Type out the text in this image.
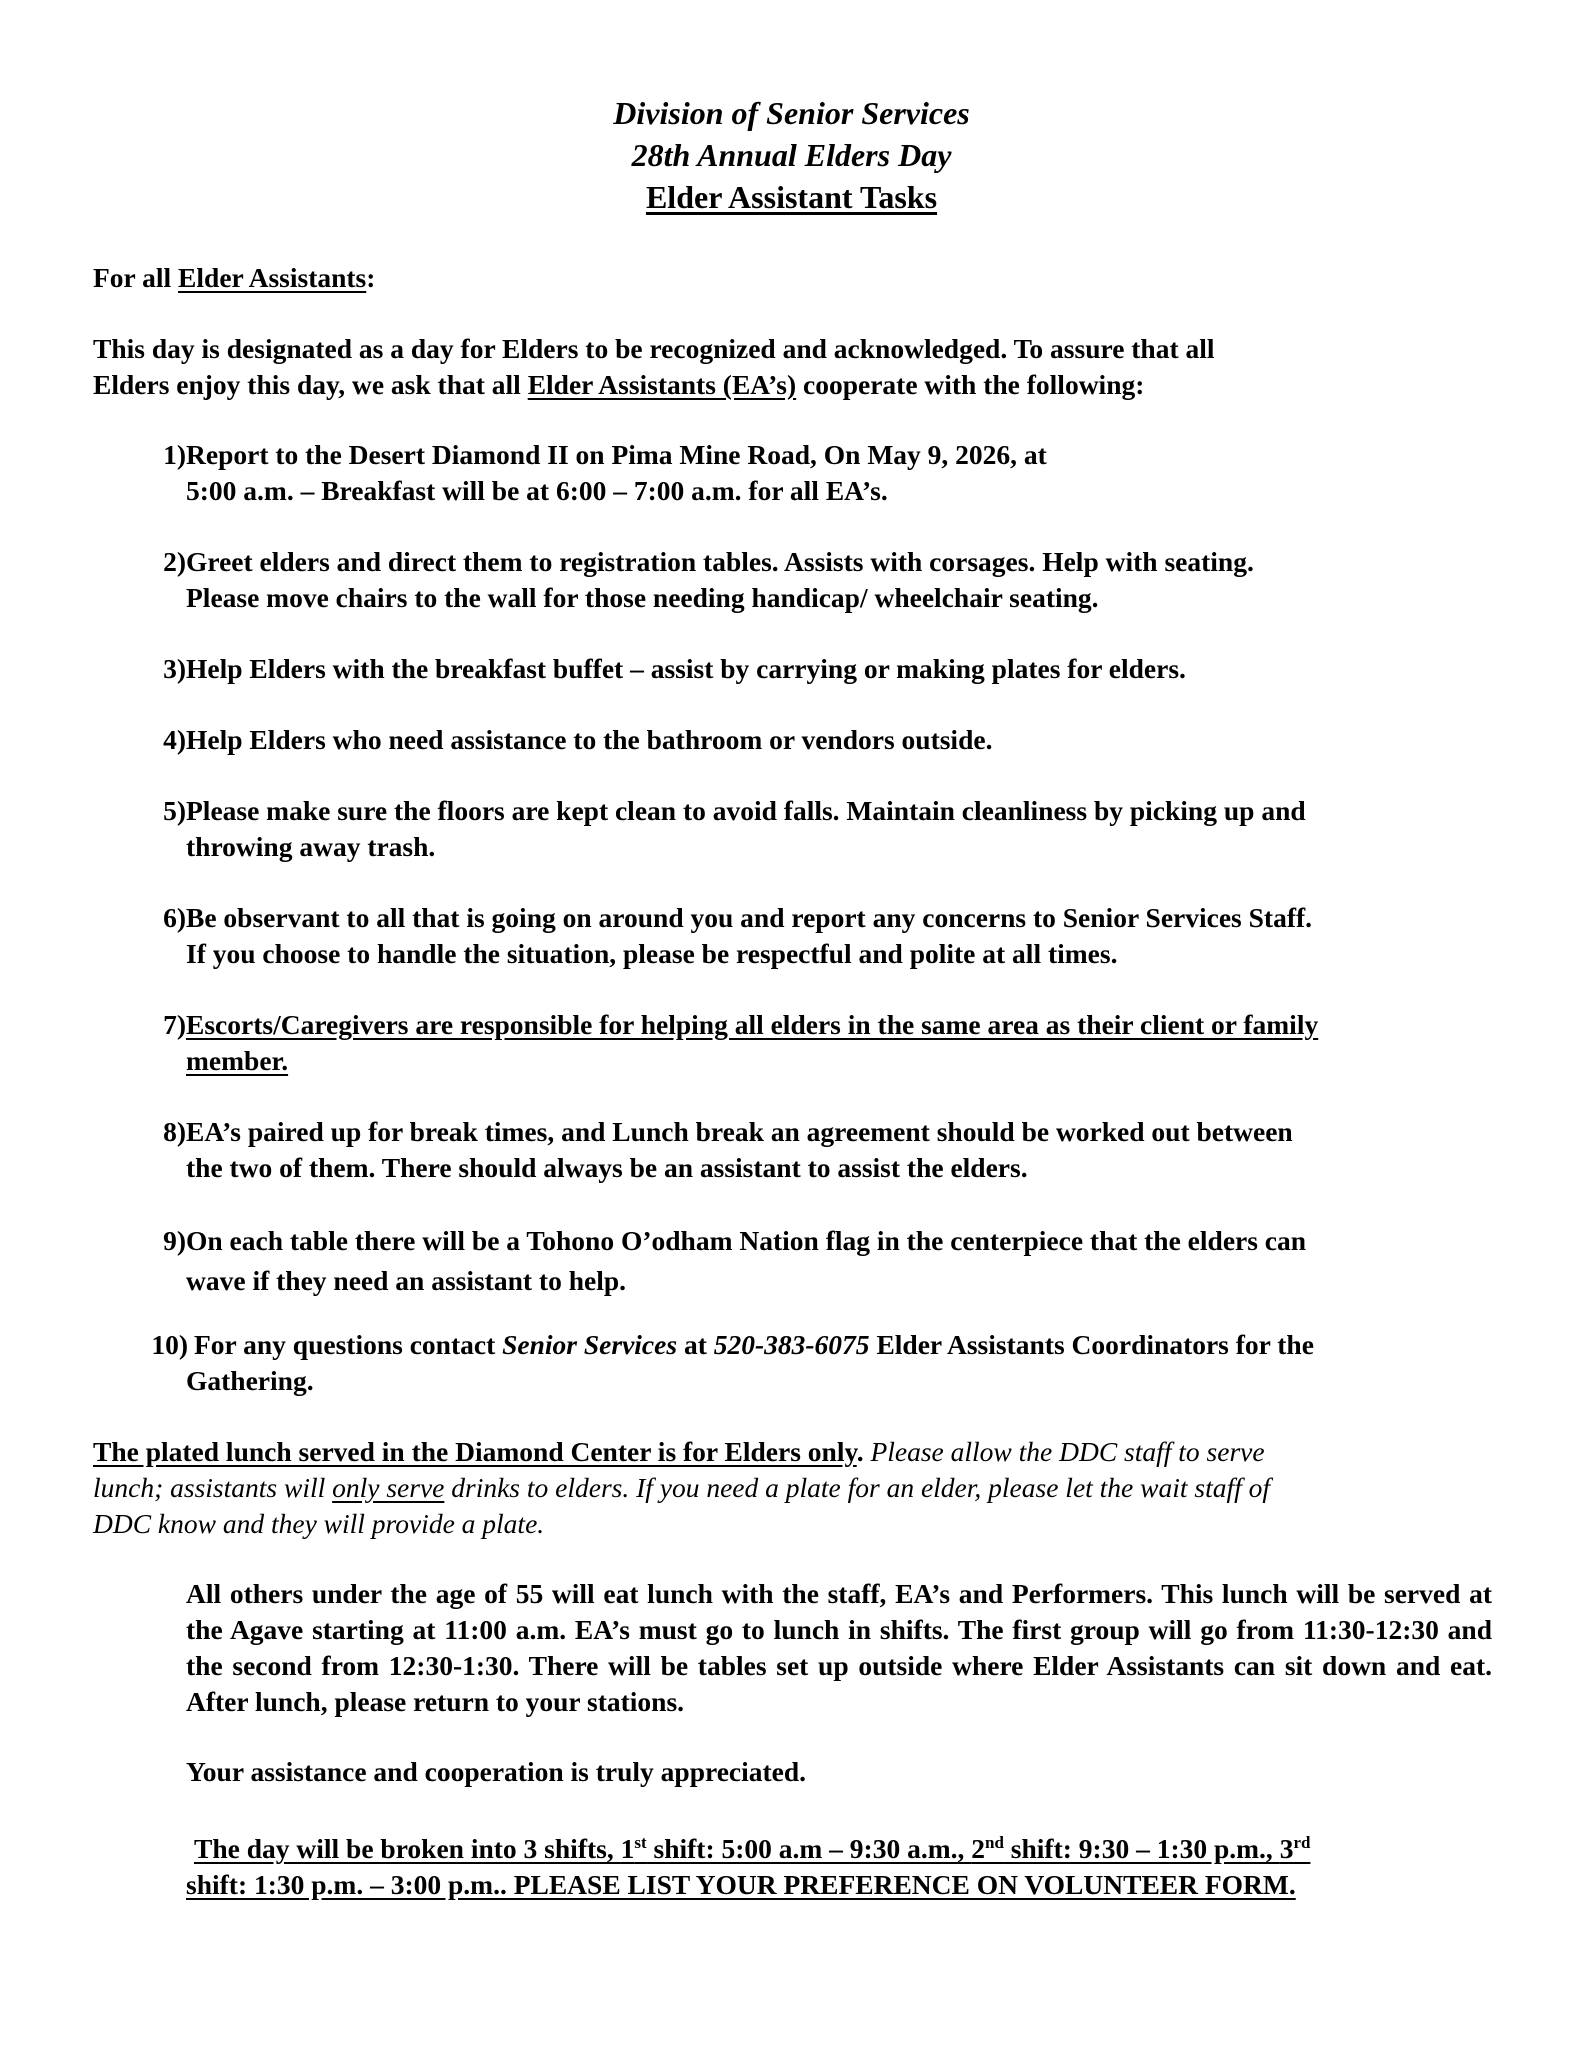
Division of Senior Services
28th Annual Elders Day
Elder Assistant Tasks
For all Elder Assistants:
This day is designated as a day for Elders to be recognized and acknowledged. To assure that all
Elders enjoy this day, we ask that all Elder Assistants (EA’s) cooperate with the following:
1) Report to the Desert Diamond II on Pima Mine Road, On May 9, 2026, at
5:00 a.m. – Breakfast will be at 6:00 – 7:00 a.m. for all EA’s.
2) Greet elders and direct them to registration tables. Assists with corsages. Help with seating.
Please move chairs to the wall for those needing handicap/ wheelchair seating.
3) Help Elders with the breakfast buffet – assist by carrying or making plates for elders.
4) Help Elders who need assistance to the bathroom or vendors outside.
5) Please make sure the floors are kept clean to avoid falls. Maintain cleanliness by picking up and
throwing away trash.
6) Be observant to all that is going on around you and report any concerns to Senior Services Staff.
If you choose to handle the situation, please be respectful and polite at all times.
7) Escorts/Caregivers are responsible for helping all elders in the same area as their client or family
member.
8) EA’s paired up for break times, and Lunch break an agreement should be worked out between
the two of them. There should always be an assistant to assist the elders.
9) On each table there will be a Tohono O’odham Nation flag in the centerpiece that the elders can
wave if they need an assistant to help.
10) For any questions contact Senior Services at 520-383-6075 Elder Assistants Coordinators for the
Gathering.
The plated lunch served in the Diamond Center is for Elders only. Please allow the DDC staff to serve
lunch; assistants will only serve drinks to elders. If you need a plate for an elder, please let the wait staff of
DDC know and they will provide a plate.
All others under the age of 55 will eat lunch with the staff, EA’s and Performers. This lunch will be served at the Agave starting at 11:00 a.m. EA’s must go to lunch in shifts. The first group will go from 11:30-12:30 and the second from 12:30-1:30. There will be tables set up outside where Elder Assistants can sit down and eat. After lunch, please return to your stations.
Your assistance and cooperation is truly appreciated.
The day will be broken into 3 shifts, 1st shift: 5:00 a.m – 9:30 a.m., 2nd shift: 9:30 – 1:30 p.m., 3rd
shift: 1:30 p.m. – 3:00 p.m.. PLEASE LIST YOUR PREFERENCE ON VOLUNTEER FORM.
